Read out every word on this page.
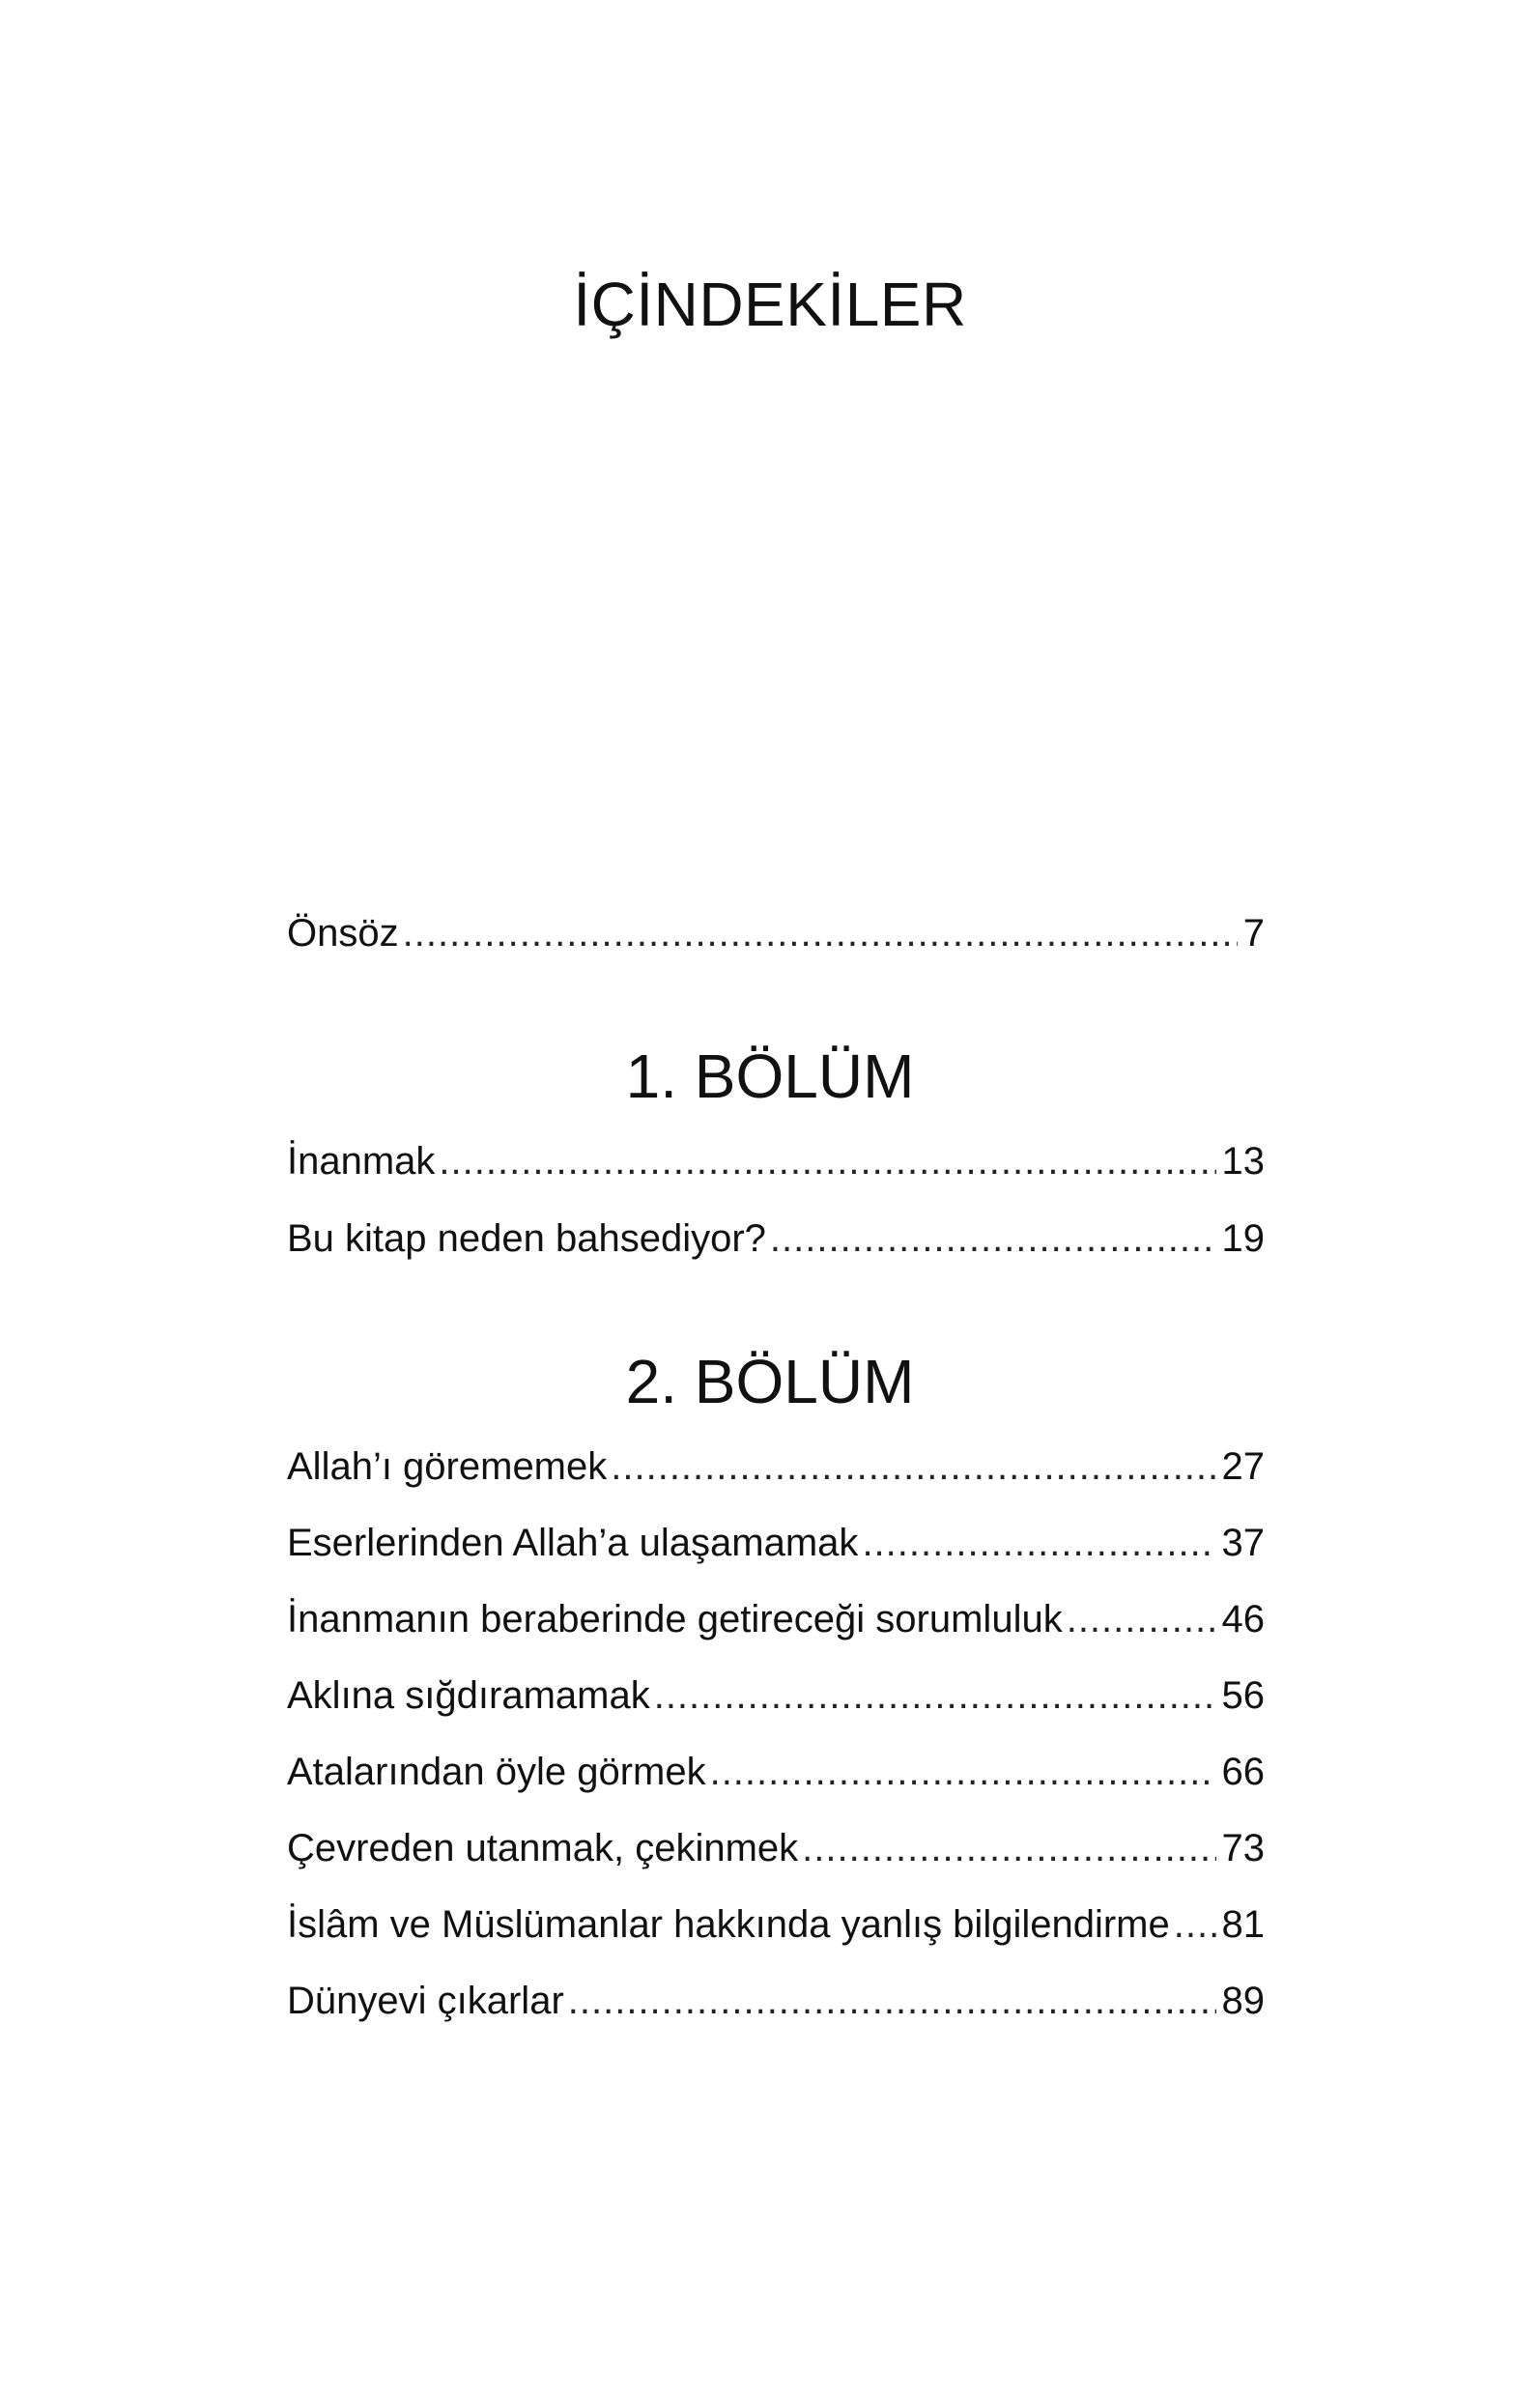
İÇİNDEKİLER
Önsöz .....	7
1. BÖLÜM
İnanmak .....	13
Bu kitap neden bahsediyor? .....	19
2. BÖLÜM
Allah’ı görememek .....	27
Eserlerinden Allah’a ulaşamamak .....	37
İnanmanın beraberinde getireceği sorumluluk .....	46
Aklına sığdıramamak .....	56
Atalarından öyle görmek .....	66
Çevreden utanmak, çekinmek .....	73
İslâm ve Müslümanlar hakkında yanlış bilgilendirme ..... 81
Dünyevi çıkarlar .....	89
